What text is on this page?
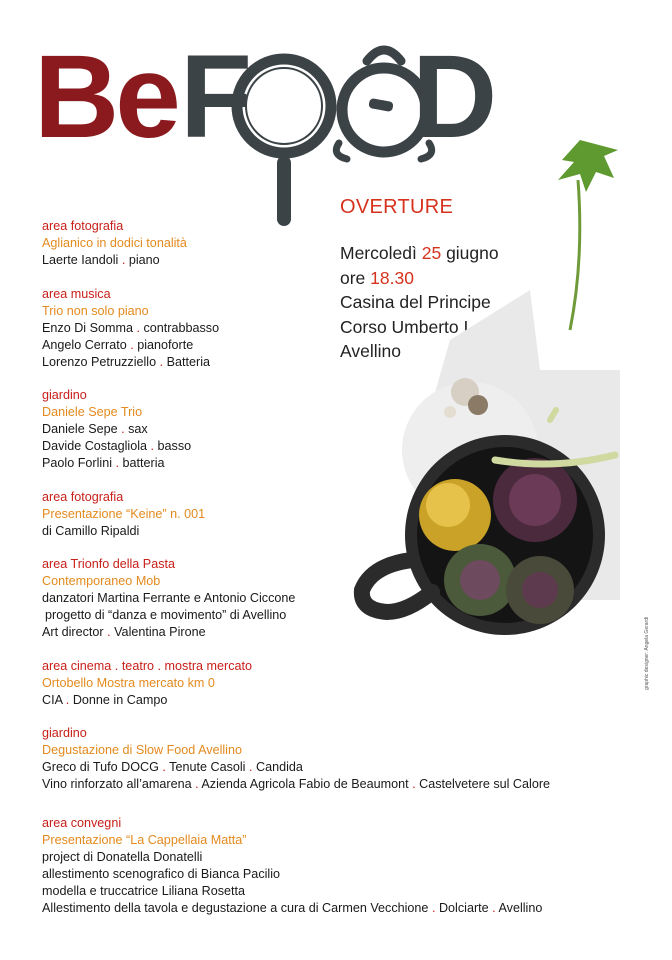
Be F D
OVERTURE
Mercoledì 25 giugno
ore 18.30
Casina del Principe
Corso Umberto I
Avellino
area fotografia
Aglianico in dodici tonalità
Laerte Iandoli . piano
area musica
Trio non solo piano
Enzo Di Somma . contrabbasso
Angelo Cerrato . pianoforte
Lorenzo Petruzziello . Batteria
giardino
Daniele Sepe Trio
Daniele Sepe . sax
Davide Costagliola . basso
Paolo Forlini . batteria
area fotografia
Presentazione “Keine” n. 001
di Camillo Ripaldi
area Trionfo della Pasta
Contemporaneo Mob
danzatori Martina Ferrante e Antonio Ciccone
progetto di “danza e movimento” di Avellino
Art director . Valentina Pirone
area cinema . teatro . mostra mercato
Ortobello Mostra mercato km 0
CIA . Donne in Campo
giardino
Degustazione di Slow Food Avellino
Greco di Tufo DOCG . Tenute Casoli . Candida
Vino rinforzato all’amarena . Azienda Agricola Fabio de Beaumont . Castelvetere sul Calore
area convegni
Presentazione “La Cappellaia Matta”
project di Donatella Donatelli
allestimento scenografico di Bianca Pacilio
modella e truccatrice Liliana Rosetta
Allestimento della tavola e degustazione a cura di Carmen Vecchione . Dolciarte . Avellino
graphic designer: Angela Gerardi
